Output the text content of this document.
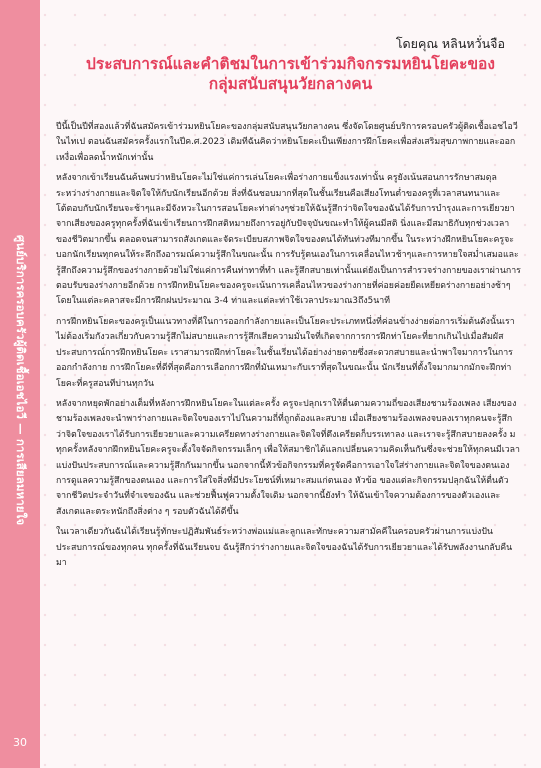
ศูนย์บริการครอบครัวผู้ติดเชื้อเอชไอวี — การเสียลมหายใจ
30
โดยคุณ หลินหวั่นจือ
ประสบการณ์และคำติชมในการเข้าร่วมกิจกรรมหยินโยคะของ
กลุ่มสนับสนุนวัยกลางคน

ปีนี้เป็นปีที่สองแล้วที่ฉันสมัครเข้าร่วมหยินโยคะของกลุ่มสนับสนุนวัยกลางคน ซึ่งจัดโดยศูนย์บริการครอบครัวผู้ติดเชื้อเอชไอวีในไทเป ตอนฉันสมัครครั้งแรกในปีค.ศ.2023 เดิมทีฉันคิดว่าหยินโยคะเป็นเพียงการฝึกโยคะเพื่อส่งเสริมสุขภาพกายและออกเหงื่อเพื่อลดน้ำหนักเท่านั้น

หลังจากเข้าเรียนฉันค้นพบว่าหยินโยคะไม่ใช่แค่การเล่นโยคะเพื่อร่างกายแข็งแรงเท่านั้น ครูยังเน้นสอนการรักษาสมดุลระหว่างร่างกายและจิตใจให้กับนักเรียนอีกด้วย สิ่งที่ฉันชอบมากที่สุดในชั้นเรียนคือเสียงโทนต่ำของครูที่เวลาสนทนาและโต้ตอบกับนักเรียนจะช้าๆและมีจังหวะในการสอนโยคะท่าต่างๆช่วยให้ฉันรู้สึกว่าจิตใจของฉันได้รับการบำรุงและการเยียวยาจากเสียงของครูทุกครั้งที่ฉันเข้าเรียนการฝึกสติหมายถึงการอยู่กับปัจจุบันขณะทำให้ผู้คนมีสติ นิ่งและมีสมาธิกับทุกช่วงเวลาของชีวิตมากขึ้น ตลอดจนสามารถสังเกตและจัดระเบียบสภาพจิตใจของตนได้ทันท่วงทีมากขึ้น ในระหว่างฝึกหยินโยคะครูจะบอกนักเรียนทุกคนให้ระลึกถึงอารมณ์ความรู้สึกในขณะนั้น การรับรู้ตนเองในการเคลื่อนไหวช้าๆและการหายใจสม่ำเสมอและรู้สึกถึงความรู้สึกของร่างกายด้วยไม่ใช่แค่การคืนท่าทาที่ทำ และรู้สึกสบายเท่านั้นแต่ยังเป็นการสำรวจร่างกายของเราผ่านการตอบรับของร่างกายอีกด้วย การฝึกหยินโยคะของครูจะเน้นการเคลื่อนไหวของร่างกายที่ค่อยค่อยยืดเหยียดร่างกายอย่างช้าๆโดยในแต่ละคลาสจะมีการฝึกฝนประมาณ 3-4 ท่าและแต่ละท่าใช้เวลาประมาณ3ถึง5นาที

การฝึกหยินโยคะของครูเป็นแนวทางที่ดีในการออกกำลังกายและเป็นโยคะประเภทหนึ่งที่ค่อนข้างง่ายต่อการเริ่มต้นดังนั้นเราไม่ต้องเริ่มกังวลเกี่ยวกับความรู้สึกไม่สบายและการรู้สึกเสียความมั่นใจที่เกิดจากการการฝึกท่าโยคะที่ยากเกินไปเมื่อสัมผัสประสบการณ์การฝึกหยินโยคะ เราสามารถฝึกท่าโยคะในชั้นเรียนได้อย่างง่ายดายซึ่งสะดวกสบายและนำพาใจมาการในการออกกำลังกาย การฝึกโยคะที่ดีที่สุดคือการเลือกการฝึกที่มันเหมาะกับเราที่สุดในขณะนั้น นักเรียนที่ตั้งใจมากมากมักจะฝึกท่าโยคะที่ครูสอนทีบ่านทุกวัน

หลังจากหยุดพักอย่างเต็มที่หลังการฝึกหยินโยคะในแต่ละครั้ง ครูจะปลุกเราให้ตื่นตามความถี่ของเสียงชามร้องเพลง เสียงของชามร้องเพลงจะนำพาร่างกายและจิตใจของเราไปในความถี่ที่ถูกต้องและสบาย เมื่อเสียงชามร้องเพลงจบลงเราทุกคนจะรู้สึกว่าจิตใจของเราได้รับการเยียวยาและความเครียดทางร่างกายและจิตใจที่ตึงเครียดก็บรรเทาลง และเราจะรู้สึกสบายลงครั้ง ม ทุกครั้งหลังจากฝึกหยินโยคะครูจะตั้งใจจัดกิจกรรมเล็กๆ เพื่อให้สมาชิกได้แลกเปลี่ยนความคิดเห็นกันซึ่งจะช่วยให้ทุกคนมีเวลาแบ่งปันประสบการณ์และความรู้สึกกันมากขึ้น นอกจากนี้หัวข้อกิจกรรมที่ครูจัดคือการเอาใจใส่ร่างกายและจิตใจของตนเอง การดูแลความรู้สึกของตนเอง และการใส่ใจสิ่งที่มีประโยชน์ที่เหมาะสมแก่ตนเอง หัวข้อ ของแต่ละกิจกรรมปลุกฉันให้ตื่นตัวจากชีวิตประจำวันที่จำเจของฉัน และช่วยฟื้นฟูความตั้งใจเดิม นอกจากนี้ยังทำ ให้ฉันเข้าใจความต้องการของตัวเองและสังเกตและตระหนักถึงสิ่งต่าง ๆ รอบตัวฉันได้ดีขึ้น

ในเวลาเดียวกันฉันได้เรียนรู้ทักษะปฏิสัมพันธ์ระหว่างพ่อแม่และลูกและทักษะความสามัคคีในครอบครัวผ่านการแบ่งปันประสบการณ์ของทุกคน ทุกครั้งที่ฉันเรียนจบ ฉันรู้สึกว่าร่างกายและจิตใจของฉันได้รับการเยียวยาและได้รับพลังงานกลับคืนมา
